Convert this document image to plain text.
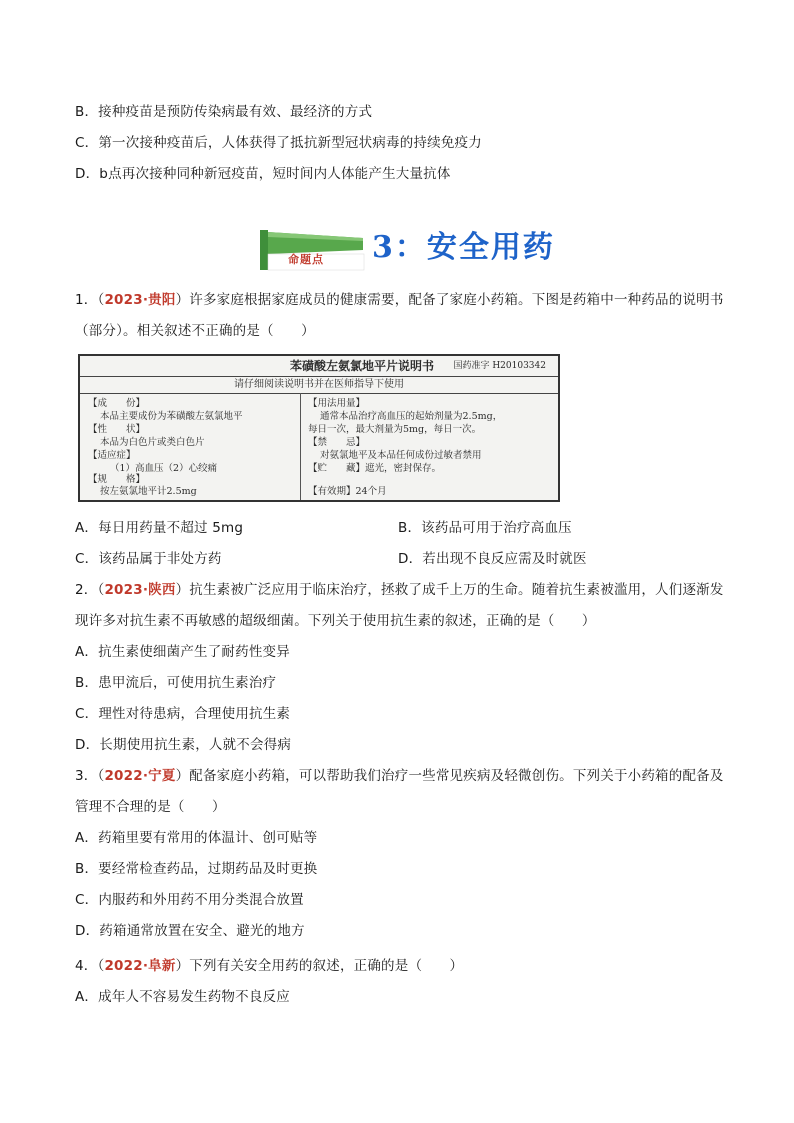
B．接种疫苗是预防传染病最有效、最经济的方式
C．第一次接种疫苗后，人体获得了抵抗新型冠状病毒的持续免疫力
D．b点再次接种同种新冠疫苗，短时间内人体能产生大量抗体
命题点 3：安全用药
1．（2023·贵阳）许多家庭根据家庭成员的健康需要，配备了家庭小药箱。下图是药箱中一种药品的说明书
（部分）。相关叙述不正确的是（　　）
苯磺酸左氨氯地平片说明书 国药准字 H20103342
请仔细阅读说明书并在医师指导下使用
【成　　份】
本品主要成份为苯磺酸左氨氯地平
【性　　状】
本品为白色片或类白色片
【适应症】
（1）高血压（2）心绞痛
【规　　格】
按左氨氯地平计2.5mg
【用法用量】
通常本品治疗高血压的起始剂量为2.5mg，
每日一次，最大剂量为5mg，每日一次。
【禁　　忌】
对氨氯地平及本品任何成份过敏者禁用
【贮　　藏】遮光，密封保存。
【有效期】24个月
A．每日用药量不超过 5mg	B．该药品可用于治疗高血压
C．该药品属于非处方药	D．若出现不良反应需及时就医
2．（2023·陕西）抗生素被广泛应用于临床治疗，拯救了成千上万的生命。随着抗生素被滥用，人们逐渐发
现许多对抗生素不再敏感的超级细菌。下列关于使用抗生素的叙述，正确的是（　　）
A．抗生素使细菌产生了耐药性变异
B．患甲流后，可使用抗生素治疗
C．理性对待患病，合理使用抗生素
D．长期使用抗生素，人就不会得病
3．（2022·宁夏）配备家庭小药箱，可以帮助我们治疗一些常见疾病及轻微创伤。下列关于小药箱的配备及
管理不合理的是（　　）
A．药箱里要有常用的体温计、创可贴等
B．要经常检查药品，过期药品及时更换
C．内服药和外用药不用分类混合放置
D．药箱通常放置在安全、避光的地方
4．（2022·阜新）下列有关安全用药的叙述，正确的是（　　）
A．成年人不容易发生药物不良反应
